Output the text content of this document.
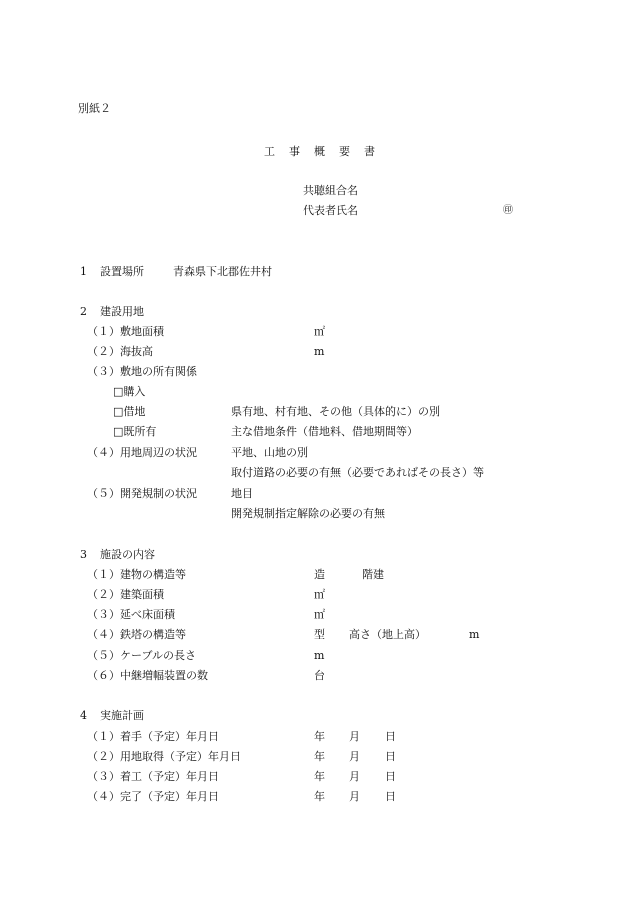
別紙２
工事概要書
共聴組合名
代表者氏名	㊞
1 設置場所	青森県下北郡佐井村
2 建設用地
（１）敷地面積	㎡
（２）海抜高	m
（３）敷地の所有関係
□購入
□借地	県有地、村有地、その他（具体的に）の別
□既所有	主な借地条件（借地料、借地期間等）
（４）用地周辺の状況	平地、山地の別
取付道路の必要の有無（必要であればその長さ）等
（５）開発規制の状況	地目
開発規制指定解除の必要の有無
3 施設の内容
（１）建物の構造等	造	階建
（２）建築面積	㎡
（３）延べ床面積	㎡
（４）鉄塔の構造等	型 高さ（地上高）	m
（５）ケーブルの長さ	m
（６）中継増幅装置の数	台
4 実施計画
（１）着手（予定）年月日	年 月 日
（２）用地取得（予定）年月日	年 月 日
（３）着工（予定）年月日	年 月 日
（４）完了（予定）年月日	年 月 日
